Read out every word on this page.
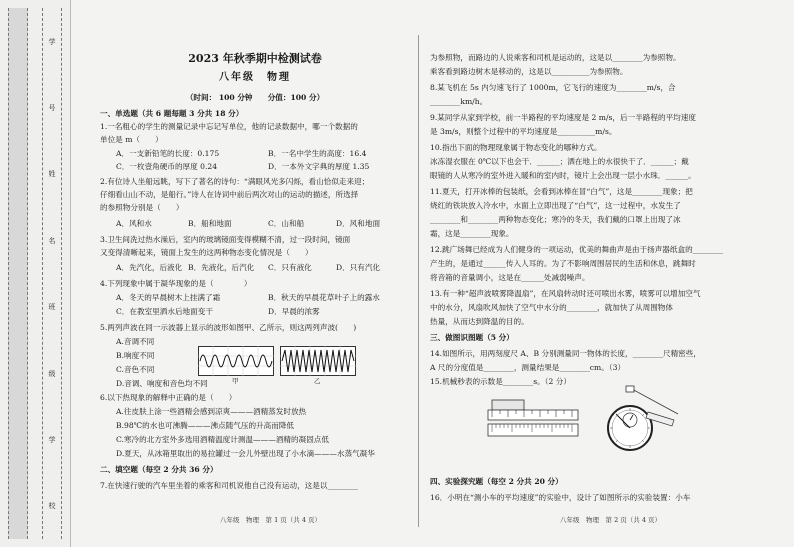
学
号
姓
名
班
级
学
校
2023 年秋季期中检测试卷
八年级　物理
（时间： 100 分钟　　分值：100 分）
一、单选题（共 6 题每题 3 分共 18 分）
1.一名粗心的学生的测量记录中忘记写单位，他的记录数据中，哪一个数据的
单位是 m（　　）
A．一支新铅笔的长度：0.175	B．一名中学生的高度：16.4
C．一枚壹角硬币的厚度 0.24	D．一本外文字典的厚度 1.35
2.有位诗人坐船远眺，写下了著名的诗句：“满眼风光多闪烁，看山恰似走来迎；
仔细看山山不动，是船行。”诗人在诗词中前后两次对山的运动的描述，所选择
的参照物分别是（　　）
A．风和水	B．船和地面	C．山和船	D．风和地面
3.卫生间洗过热水澡后，室内的玻璃镜面变得模糊不清，过一段时间，镜面
又变得清晰起来，镜面上发生的这两种物态变化情况是（　　）
A．先汽化，后液化 B．先液化，后汽化 C．只有液化	D．只有汽化
4.下列现象中属于凝华现象的是（　　　　）
A．冬天的早晨树木上挂满了霜	B．秋天的早晨花草叶子上的露水
C．在教室里洒水后地面变干	D．早晨的浓雾
5.两列声波在同一示波器上显示的波形如图甲、乙所示，则这两列声波(　　)
A.音调不同
B.响度不同
C.音色不同
D.音调、响度和音色均不同	甲	乙
6.以下热现象的解释中正确的是（　　）
A.往皮肤上涂一些酒精会感到凉爽———酒精蒸发时放热
B.98℃的水也可沸腾———沸点随气压的升高而降低
C.寒冷的北方室外多选用酒精温度计测温———酒精的凝固点低
D.夏天，从冰箱里取出的易拉罐过一会儿外壁出现了小水滴———水蒸气凝华
二、填空题（每空 2 分共 36 分）
7.在快速行驶的汽车里坐着的乘客和司机说他自己没有运动，这是以________
八年级　物理　第 1 页（共 4 页）
为参照物，而路边的人说乘客和司机是运动的，这是以________为参照物。
乘客看到路边树木是移动的，这是以__________为参照物。
8.某飞机在 5s 内匀速飞行了 1000m，它飞行的速度为________m/s，合
________km/h。
9.某同学从家到学校，前一半路程的平均速度是 2 m/s，后一半路程的平均速度
是 3m/s，则整个过程中的平均速度是__________m/s。
10.指出下面的物理现象属于物态变化的哪种方式。
冰冻湿衣服在 0℃以下也会干．______；洒在地上的水很快干了．______；戴
眼镜的人从寒冷的室外进入暖和的室内时，镜片上会出现一层小水珠．______。
11.夏天，打开冰棒的包装纸，会看到冰棒在冒“白气”，这是________现象；把
烧红的铁块放入冷水中，水面上立即出现了“白气”，这一过程中，水发生了
________和________两种物态变化；寒冷的冬天，我们戴的口罩上出现了冰
霜，这是________现象。
12.跳广场舞已经成为人们健身的一项运动，优美的舞曲声是由于扬声器纸盒的________
产生的，是通过______传入人耳的。为了不影响周围居民的生活和休息，跳舞时
将音箱的音量调小，这是在______处减弱噪声。
13.有一种“超声波喷雾降温扇”，在风扇转动时还可喷出水雾，喷雾可以增加空气
中的水分，风扇吹风加快了空气中水分的________，就加快了从周围物体
热量，从而达到降温的目的。
三、做图识图题（5 分）
14.如图所示，用两刻度尺 A、B 分别测量同一物体的长度，________尺精密些，
A 尺的分度值是________，测量结果是________cm。（3）
15.机械秒表的示数是________s。（2 分）
四、实验探究题（每空 2 分共 20 分）
16．小明在“测小车的平均速度”的实验中，设计了如图所示的实验装置：小车
八年级　物理　第 2 页（共 4 页）
